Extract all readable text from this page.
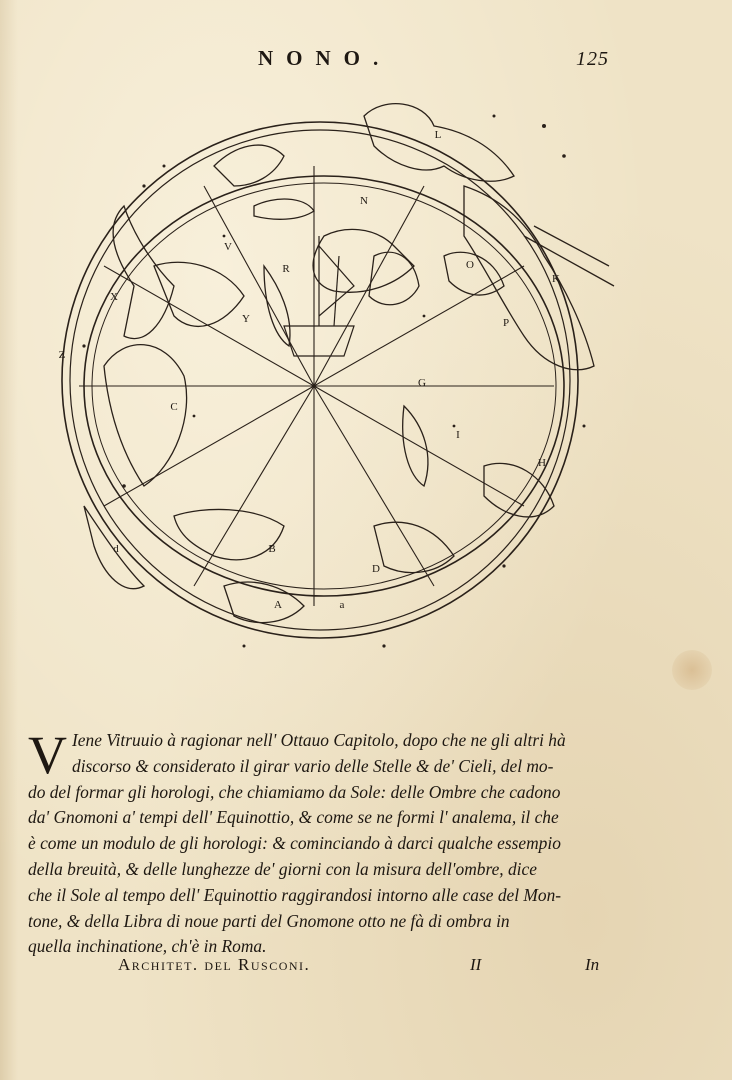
NONO.	125
L
N
O
K
P
X
Y
R
V
Z
C
G
I
H
B
D
A	a
d
V Iene Vitruuio à ragionar nell' Ottauo Capitolo, dopo che ne gli altri hà
discorso & considerato il girar vario delle Stelle & de' Cieli, del mo-
do del formar gli horologi, che chiamiamo da Sole: delle Ombre che cadono
da' Gnomoni a' tempi dell' Equinottio, & come se ne formi l' analema, il che
è come un modulo de gli horologi: & cominciando à darci qualche essempio
della breuità, & delle lunghezze de' giorni con la misura dell'ombre, dice
che il Sole al tempo dell' Equinottio raggirandosi intorno alle case del Mon-
tone, & della Libra di noue parti del Gnomone otto ne fà di ombra in
quella inchinatione, ch'è in Roma.
Architet. del Rusconi.	II	In
